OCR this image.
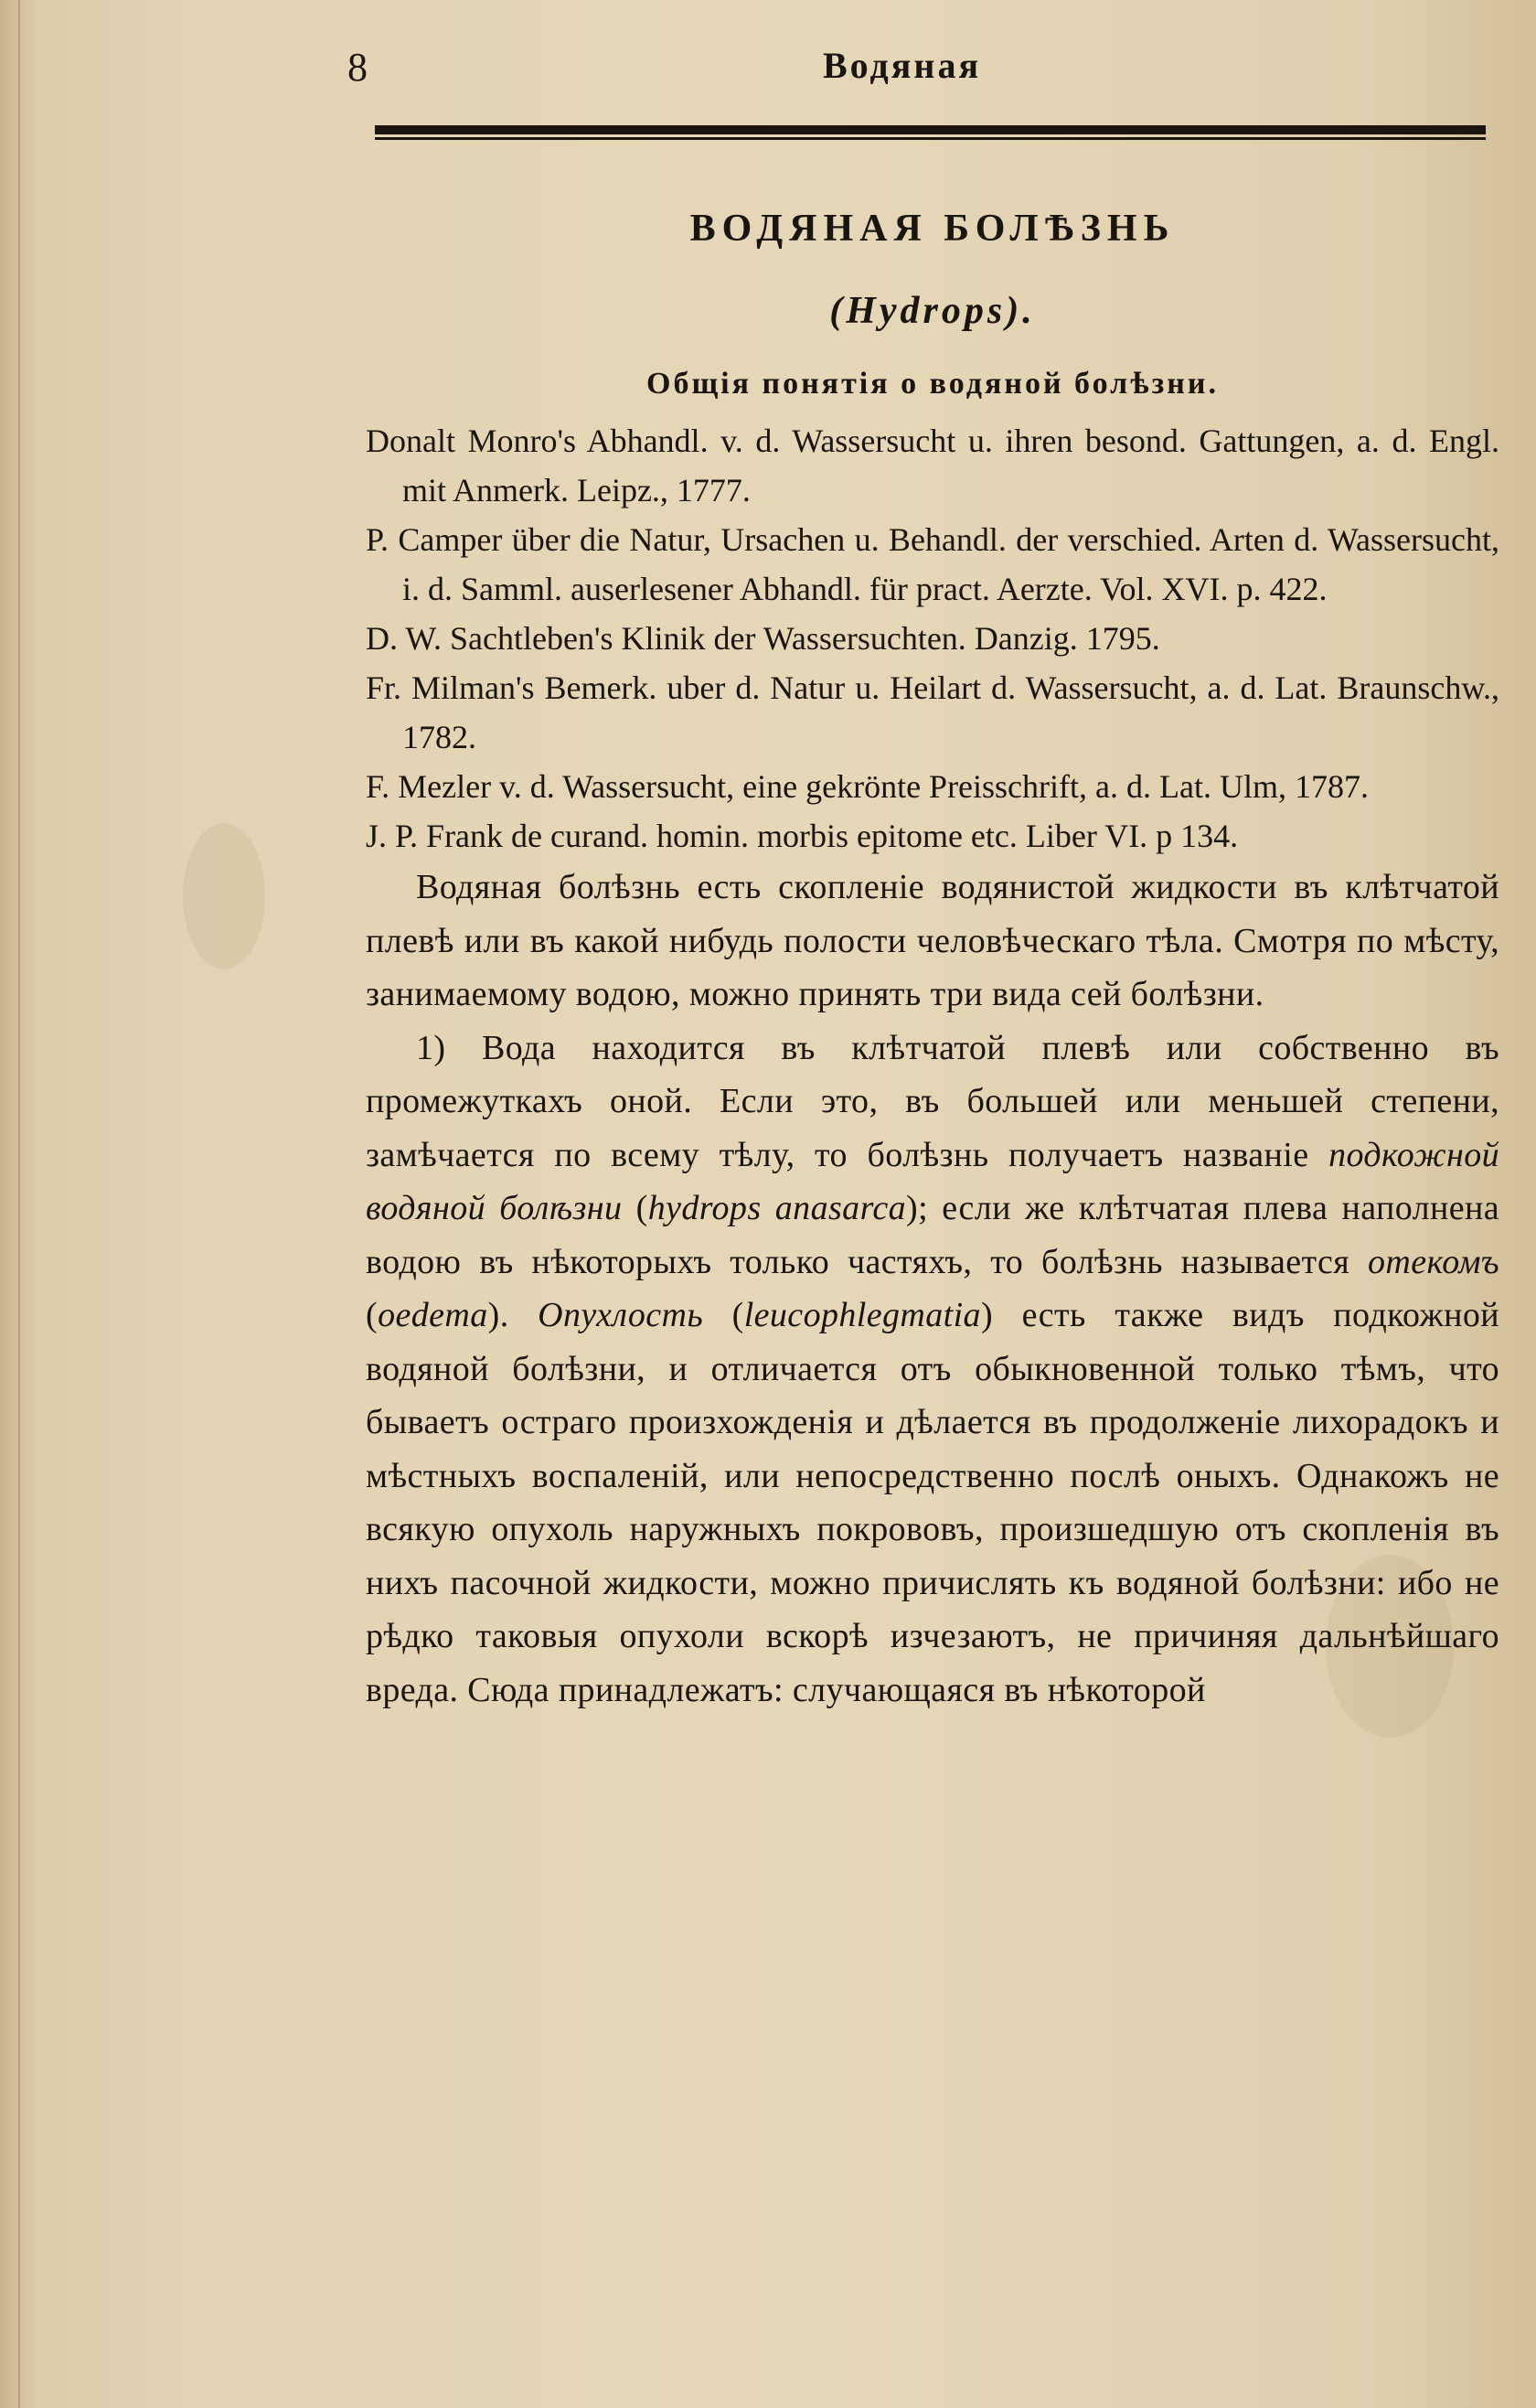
8	Водяная
ВОДЯНАЯ БОЛѢЗНЬ
(Hydrops).
Общія понятія о водяной болѣзни.
Donalt Monro's Abhandl. v. d. Wassersucht u. ihren besond. Gattungen, a. d. Engl. mit Anmerk. Leipz., 1777.
P. Camper über die Natur, Ursachen u. Behandl. der verschied. Arten d. Wassersucht, i. d. Samml. auserlesener Abhandl. für pract. Aerzte. Vol. XVI. p. 422.
D. W. Sachtleben's Klinik der Wassersuchten. Danzig. 1795.
Fr. Milman's Bemerk. uber d. Natur u. Heilart d. Wassersucht, a. d. Lat. Braunschw., 1782.
F. Mezler v. d. Wassersucht, eine gekrönte Preisschrift, a. d. Lat. Ulm, 1787.
J. P. Frank de curand. homin. morbis epitome etc. Liber VI. p 134.

Водяная болѣзнь есть скопленіе водянистой жидкости въ клѣтчатой плевѣ или въ какой нибудь полости человѣческаго тѣла. Смотря по мѣсту, занимаемому водою, можно принять три вида сей болѣзни.

1) Вода находится въ клѣтчатой плевѣ или собственно въ промежуткахъ оной. Если это, въ большей или меньшей степени, замѣчается по всему тѣлу, то болѣзнь получаетъ названіе подкожной водяной болѣзни (hydrops anasarca); если же клѣтчатая плева наполнена водою въ нѣкоторыхъ только частяхъ, то болѣзнь называется отекомъ (oedema). Опухлость (leucophlegmatia) есть также видъ подкожной водяной болѣзни, и отличается отъ обыкновенной только тѣмъ, что бываетъ остраго произхожденія и дѣлается въ продолженіе лихорадокъ и мѣстныхъ воспаленій, или непосредственно послѣ оныхъ. Однакожъ не всякую опухоль наружныхъ покрововъ, произшедшую отъ скопленія въ нихъ пасочной жидкости, можно причислять къ водяной болѣзни: ибо не рѣдко таковыя опухоли вскорѣ изчезаютъ, не причиняя дальнѣйшаго вреда. Сюда принадлежатъ: случающаяся въ нѣкоторой
